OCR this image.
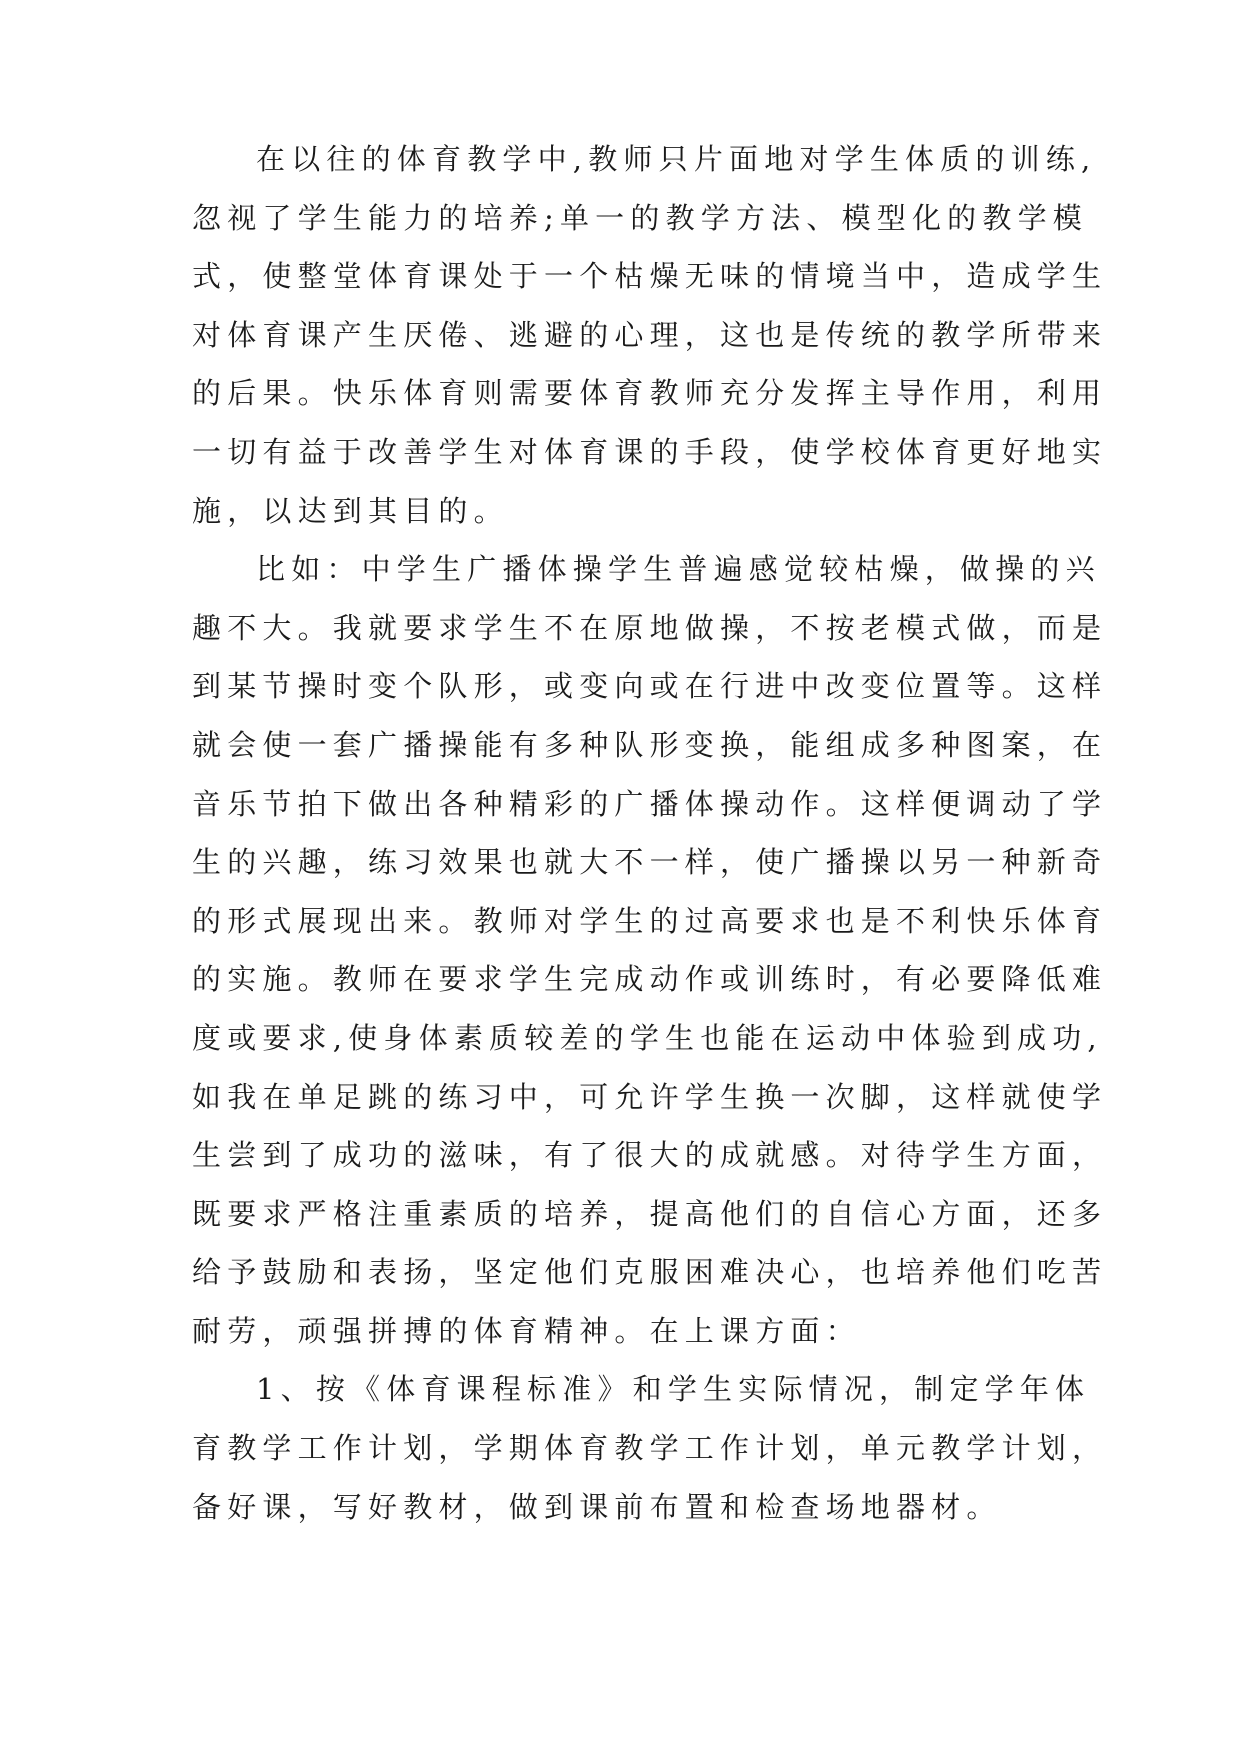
在以往的体育教学中,教师只片面地对学生体质的训练,
忽视了学生能力的培养;单一的教学方法、模型化的教学模
式，使整堂体育课处于一个枯燥无味的情境当中，造成学生
对体育课产生厌倦、逃避的心理，这也是传统的教学所带来
的后果。快乐体育则需要体育教师充分发挥主导作用，利用
一切有益于改善学生对体育课的手段，使学校体育更好地实
施，以达到其目的。
比如：中学生广播体操学生普遍感觉较枯燥，做操的兴
趣不大。我就要求学生不在原地做操，不按老模式做，而是
到某节操时变个队形，或变向或在行进中改变位置等。这样
就会使一套广播操能有多种队形变换，能组成多种图案，在
音乐节拍下做出各种精彩的广播体操动作。这样便调动了学
生的兴趣，练习效果也就大不一样，使广播操以另一种新奇
的形式展现出来。教师对学生的过高要求也是不利快乐体育
的实施。教师在要求学生完成动作或训练时，有必要降低难
度或要求,使身体素质较差的学生也能在运动中体验到成功,
如我在单足跳的练习中，可允许学生换一次脚，这样就使学
生尝到了成功的滋味，有了很大的成就感。对待学生方面，
既要求严格注重素质的培养，提高他们的自信心方面，还多
给予鼓励和表扬，坚定他们克服困难决心，也培养他们吃苦
耐劳，顽强拼搏的体育精神。在上课方面：
1、按《体育课程标准》和学生实际情况，制定学年体
育教学工作计划，学期体育教学工作计划，单元教学计划，
备好课，写好教材，做到课前布置和检查场地器材。
